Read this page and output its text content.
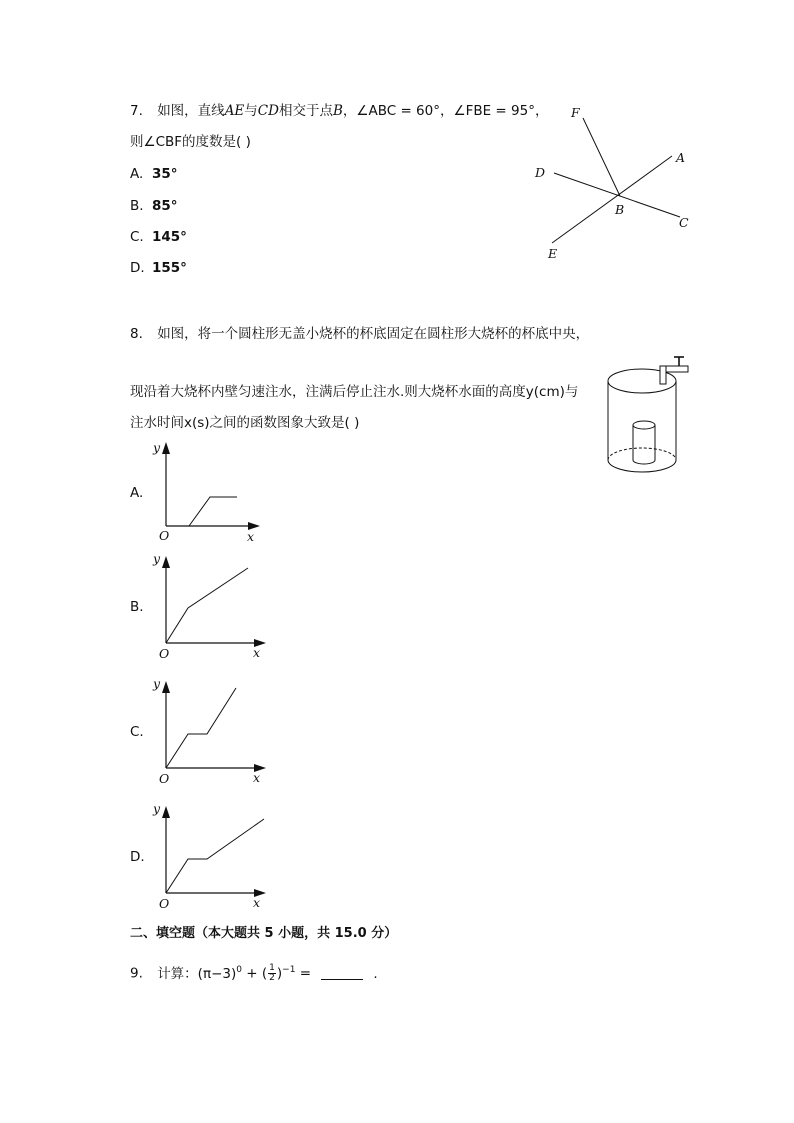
7. 如图，直线AE与CD相交于点B，∠ABC = 60°，∠FBE = 95°，
则∠CBF的度数是( )
A. 35°
B. 85°
C. 145°
D. 155°
F
A
D
B
C
E
8. 如图，将一个圆柱形无盖小烧杯的杯底固定在圆柱形大烧杯的杯底中央，
现沿着大烧杯内壁匀速注水，注满后停止注水.则大烧杯水面的高度y(cm)与
注水时间x(s)之间的函数图象大致是( )
A.
B.
C.
D.
y
O	x
y
O	x
y
O	x
y
O	x
二、填空题（本大题共 5 小题，共 15.0 分）
9. 计算：$(\pi-3)^0$ + ( $\frac{1}{2} )^{-1}$ =	.
